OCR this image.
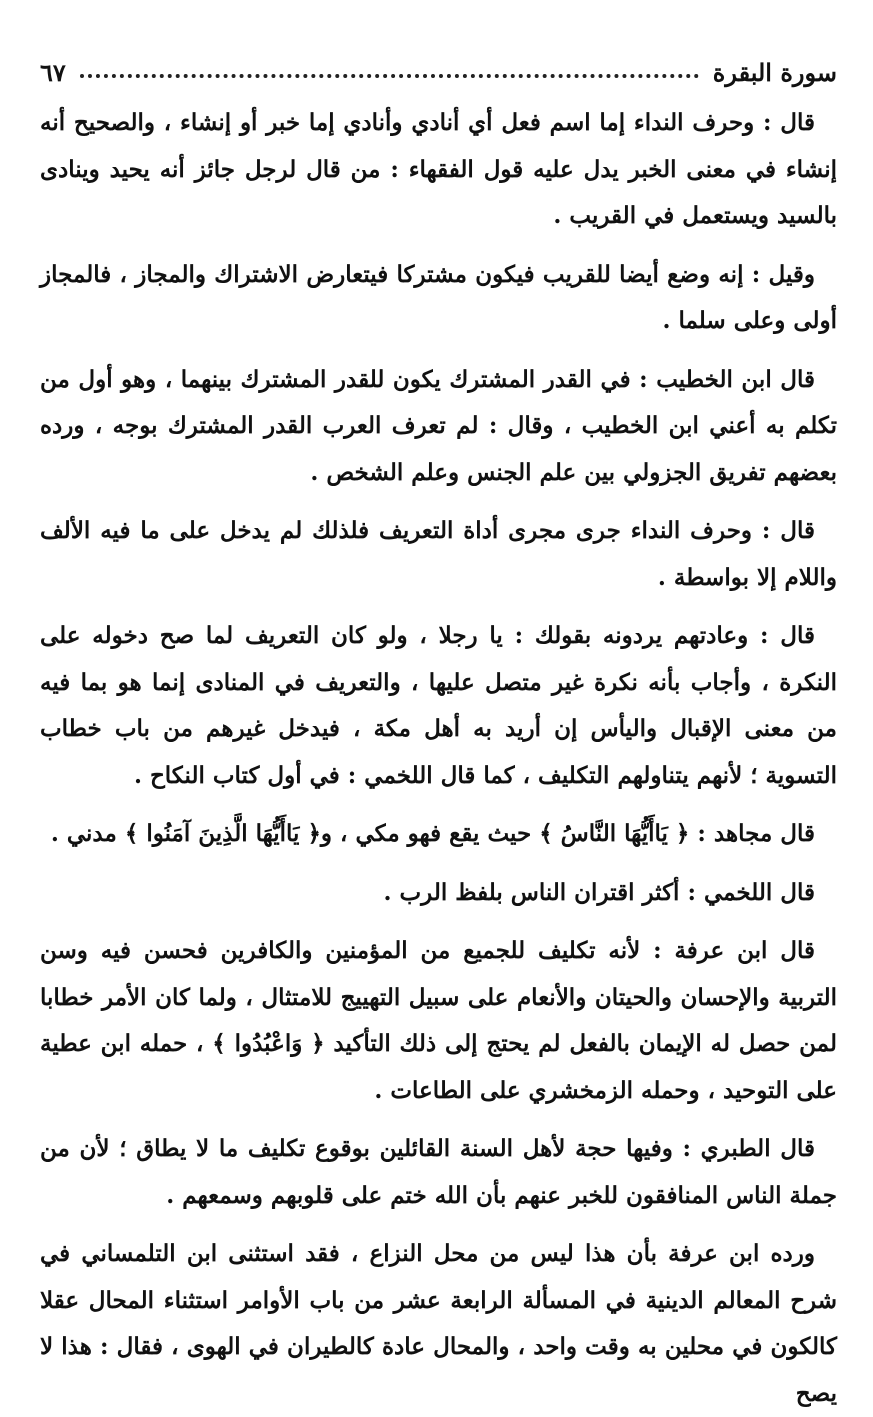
سورة البقرة
٦٧

قال : وحرف النداء إما اسم فعل أي أنادي وأنادي إما خبر أو إنشاء ، والصحيح أنه إنشاء في معنى الخبر يدل عليه قول الفقهاء : من قال لرجل جائز أنه يحيد وينادى بالسيد ويستعمل في القريب .

وقيل : إنه وضع أيضا للقريب فيكون مشتركا فيتعارض الاشتراك والمجاز ، فالمجاز أولى وعلى سلما .

قال ابن الخطيب : في القدر المشترك يكون للقدر المشترك بينهما ، وهو أول من تكلم به أعني ابن الخطيب ، وقال : لم تعرف العرب القدر المشترك بوجه ، ورده بعضهم تفريق الجزولي بين علم الجنس وعلم الشخص .

قال : وحرف النداء جرى مجرى أداة التعريف فلذلك لم يدخل على ما فيه الألف واللام إلا بواسطة .

قال : وعادتهم يردونه بقولك : يا رجلا ، ولو كان التعريف لما صح دخوله على النكرة ، وأجاب بأنه نكرة غير متصل عليها ، والتعريف في المنادى إنما هو بما فيه من معنى الإقبال واليأس إن أريد به أهل مكة ، فيدخل غيرهم من باب خطاب التسوية ؛ لأنهم يتناولهم التكليف ، كما قال اللخمي : في أول كتاب النكاح .

قال مجاهد : ﴿ يَاأَيُّهَا النَّاسُ ﴾ حيث يقع فهو مكي ، و﴿ يَاأَيُّهَا الَّذِينَ آمَنُوا ﴾ مدني .

قال اللخمي : أكثر اقتران الناس بلفظ الرب .

قال ابن عرفة : لأنه تكليف للجميع من المؤمنين والكافرين فحسن فيه وسن التربية والإحسان والحيتان والأنعام على سبيل التهييج للامتثال ، ولما كان الأمر خطابا لمن حصل له الإيمان بالفعل لم يحتج إلى ذلك التأكيد ﴿ وَاعْبُدُوا ﴾ ، حمله ابن عطية على التوحيد ، وحمله الزمخشري على الطاعات .

قال الطبري : وفيها حجة لأهل السنة القائلين بوقوع تكليف ما لا يطاق ؛ لأن من جملة الناس المنافقون للخبر عنهم بأن الله ختم على قلوبهم وسمعهم .

ورده ابن عرفة بأن هذا ليس من محل النزاع ، فقد استثنى ابن التلمساني في شرح المعالم الدينية في المسألة الرابعة عشر من باب الأوامر استثناء المحال عقلا كالكون في محلين به وقت واحد ، والمحال عادة كالطيران في الهوى ، فقال : هذا لا يصح
